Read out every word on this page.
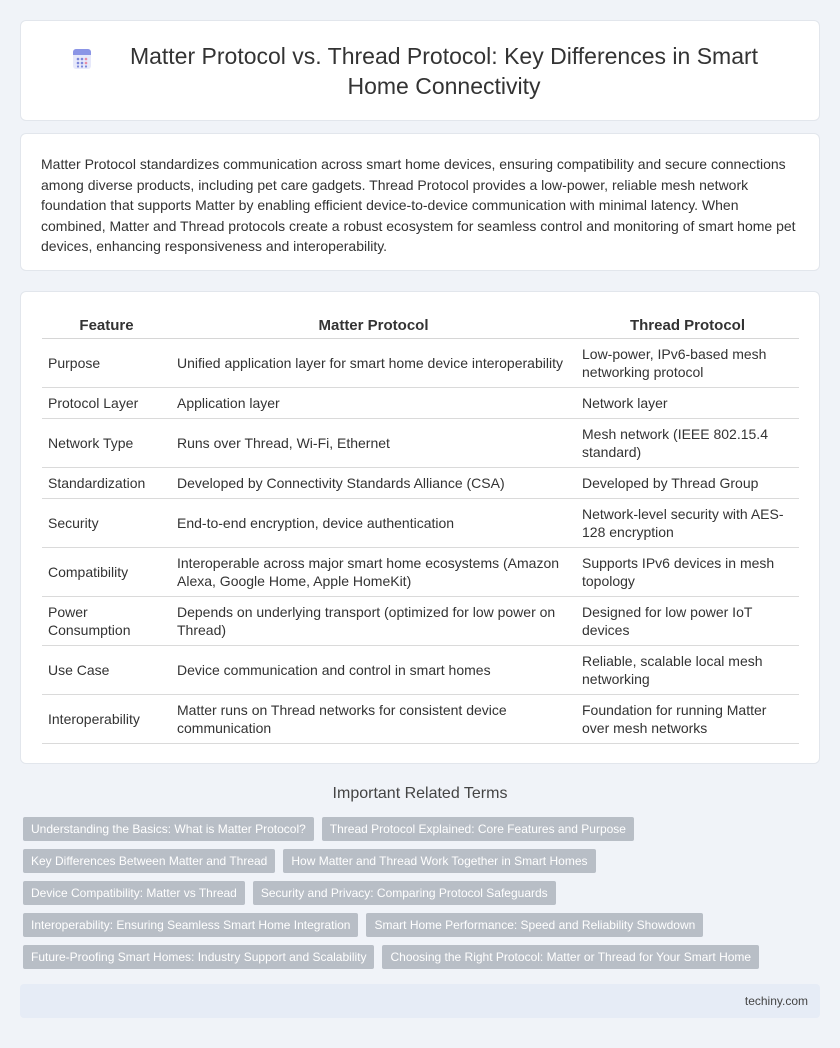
Matter Protocol vs. Thread Protocol: Key Differences in Smart Home Connectivity

Matter Protocol standardizes communication across smart home devices, ensuring compatibility and secure connections among diverse products, including pet care gadgets. Thread Protocol provides a low-power, reliable mesh network foundation that supports Matter by enabling efficient device-to-device communication with minimal latency. When combined, Matter and Thread protocols create a robust ecosystem for seamless control and monitoring of smart home pet devices, enhancing responsiveness and interoperability.

Feature	Matter Protocol	Thread Protocol
Purpose	Unified application layer for smart home device interoperability	Low-power, IPv6-based mesh networking protocol
Protocol Layer	Application layer	Network layer
Network Type	Runs over Thread, Wi-Fi, Ethernet	Mesh network (IEEE 802.15.4 standard)
Standardization	Developed by Connectivity Standards Alliance (CSA)	Developed by Thread Group
Security	End-to-end encryption, device authentication	Network-level security with AES-128 encryption
Compatibility	Interoperable across major smart home ecosystems (Amazon Alexa, Google Home, Apple HomeKit)	Supports IPv6 devices in mesh topology
Power Consumption	Depends on underlying transport (optimized for low power on Thread)	Designed for low power IoT devices
Use Case	Device communication and control in smart homes	Reliable, scalable local mesh networking
Interoperability	Matter runs on Thread networks for consistent device communication	Foundation for running Matter over mesh networks
Important Related Terms
Understanding the Basics: What is Matter Protocol?	Thread Protocol Explained: Core Features and Purpose
Key Differences Between Matter and Thread	How Matter and Thread Work Together in Smart Homes
Device Compatibility: Matter vs Thread	Security and Privacy: Comparing Protocol Safeguards
Interoperability: Ensuring Seamless Smart Home Integration	Smart Home Performance: Speed and Reliability Showdown
Future-Proofing Smart Homes: Industry Support and Scalability	Choosing the Right Protocol: Matter or Thread for Your Smart Home
techiny.com
